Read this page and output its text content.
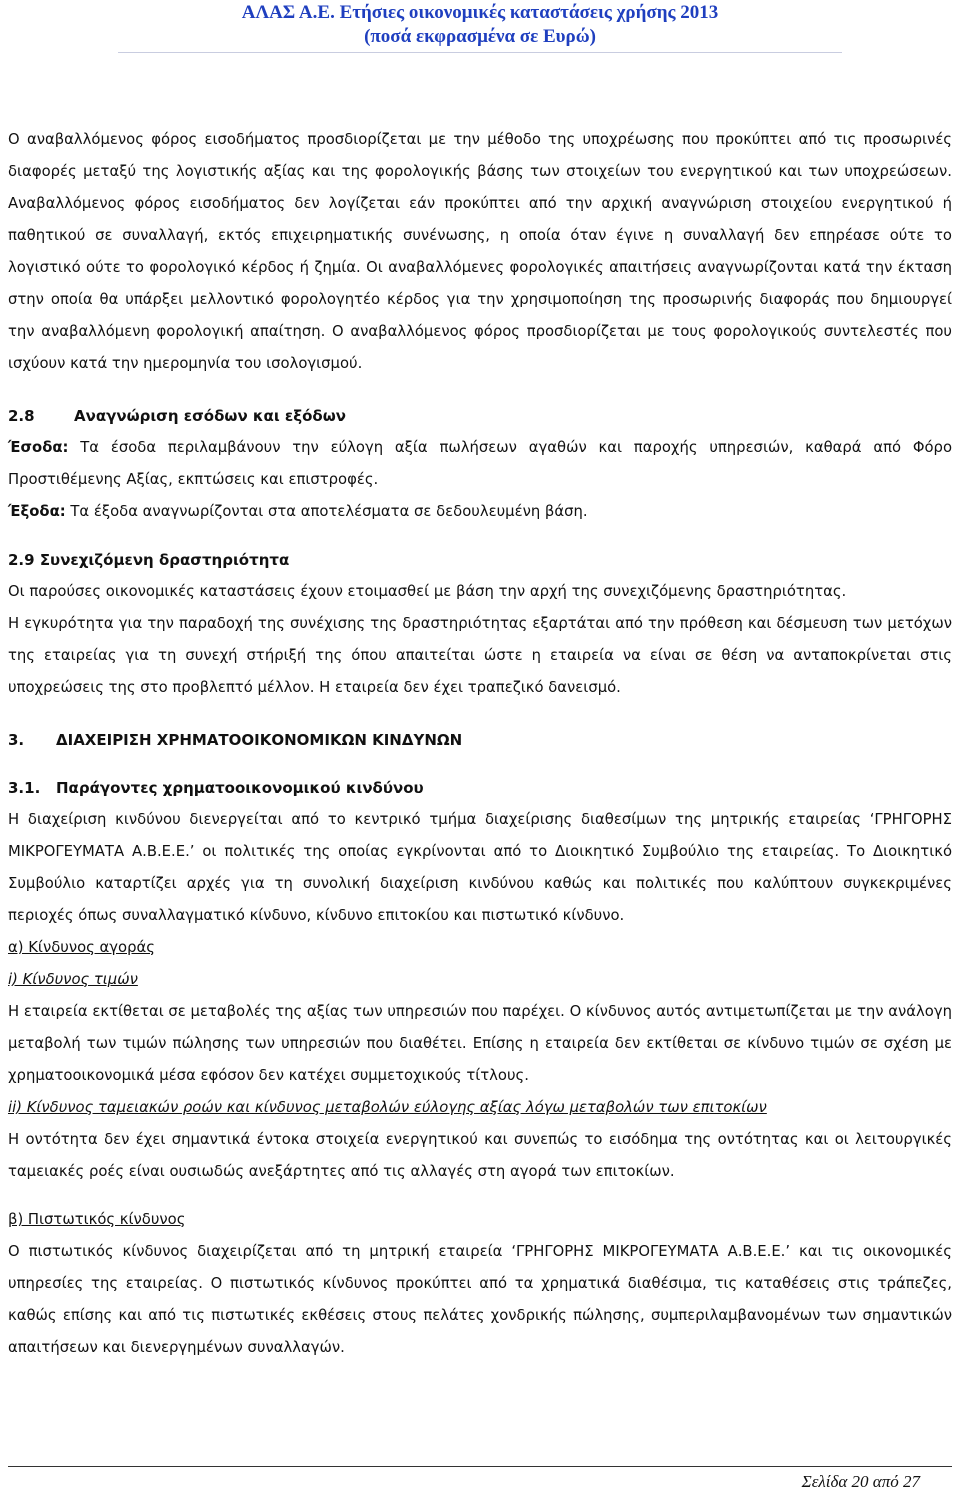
ΑΛΑΣ Α.Ε. Ετήσιες οικονομικές καταστάσεις χρήσης 2013
(ποσά εκφρασμένα σε Ευρώ)

Ο αναβαλλόμενος φόρος εισοδήματος προσδιορίζεται με την μέθοδο της υποχρέωσης που προκύπτει από τις προσωρινές διαφορές μεταξύ της λογιστικής αξίας και της φορολογικής βάσης των στοιχείων του ενεργητικού και των υποχρεώσεων. Αναβαλλόμενος φόρος εισοδήματος δεν λογίζεται εάν προκύπτει από την αρχική αναγνώριση στοιχείου ενεργητικού ή παθητικού σε συναλλαγή, εκτός επιχειρηματικής συνένωσης, η οποία όταν έγινε η συναλλαγή δεν επηρέασε ούτε το λογιστικό ούτε το φορολογικό κέρδος ή ζημία. Οι αναβαλλόμενες φορολογικές απαιτήσεις αναγνωρίζονται κατά την έκταση στην οποία θα υπάρξει μελλοντικό φορολογητέο κέρδος για την χρησιμοποίηση της προσωρινής διαφοράς που δημιουργεί την αναβαλλόμενη φορολογική απαίτηση. Ο αναβαλλόμενος φόρος προσδιορίζεται με τους φορολογικούς συντελεστές που ισχύουν κατά την ημερομηνία του ισολογισμού.

2.8	Αναγνώριση εσόδων και εξόδων

Έσοδα: Τα έσοδα περιλαμβάνουν την εύλογη αξία πωλήσεων αγαθών και παροχής υπηρεσιών, καθαρά από Φόρο Προστιθέμενης Αξίας, εκπτώσεις και επιστροφές.

Έξοδα: Τα έξοδα αναγνωρίζονται στα αποτελέσματα σε δεδουλευμένη βάση.

2.9 Συνεχιζόμενη δραστηριότητα

Οι παρούσες οικονομικές καταστάσεις έχουν ετοιμασθεί με βάση την αρχή της συνεχιζόμενης δραστηριότητας.

Η εγκυρότητα για την παραδοχή της συνέχισης της δραστηριότητας εξαρτάται από την πρόθεση και δέσμευση των μετόχων της εταιρείας για τη συνεχή στήριξή της όπου απαιτείται ώστε η εταιρεία να είναι σε θέση να ανταποκρίνεται στις υποχρεώσεις της στο προβλεπτό μέλλον. Η εταιρεία δεν έχει τραπεζικό δανεισμό.

3. ΔΙΑΧΕΙΡΙΣΗ ΧΡΗΜΑΤΟΟΙΚΟΝΟΜΙΚΩΝ ΚΙΝΔΥΝΩΝ
3.1. Παράγοντες χρηματοοικονομικού κινδύνου

Η διαχείριση κινδύνου διενεργείται από το κεντρικό τμήμα διαχείρισης διαθεσίμων της μητρικής εταιρείας ‘ΓΡΗΓΟΡΗΣ ΜΙΚΡΟΓΕΥΜΑΤΑ Α.Β.Ε.Ε.’ οι πολιτικές της οποίας εγκρίνονται από το Διοικητικό Συμβούλιο της εταιρείας. Το Διοικητικό Συμβούλιο καταρτίζει αρχές για τη συνολική διαχείριση κινδύνου καθώς και πολιτικές που καλύπτουν συγκεκριμένες περιοχές όπως συναλλαγματικό κίνδυνο, κίνδυνο επιτοκίου και πιστωτικό κίνδυνο.

α) Κίνδυνος αγοράς

i) Κίνδυνος τιμών

Η εταιρεία εκτίθεται σε μεταβολές της αξίας των υπηρεσιών που παρέχει. Ο κίνδυνος αυτός αντιμετωπίζεται με την ανάλογη μεταβολή των τιμών πώλησης των υπηρεσιών που διαθέτει. Επίσης η εταιρεία δεν εκτίθεται σε κίνδυνο τιμών σε σχέση με χρηματοοικονομικά μέσα εφόσον δεν κατέχει συμμετοχικούς τίτλους.

ii) Κίνδυνος ταμειακών ροών και κίνδυνος μεταβολών εύλογης αξίας λόγω μεταβολών των επιτοκίων

Η οντότητα δεν έχει σημαντικά έντοκα στοιχεία ενεργητικού και συνεπώς το εισόδημα της οντότητας και οι λειτουργικές ταμειακές ροές είναι ουσιωδώς ανεξάρτητες από τις αλλαγές στη αγορά των επιτοκίων.

β) Πιστωτικός κίνδυνος

Ο πιστωτικός κίνδυνος διαχειρίζεται από τη μητρική εταιρεία ‘ΓΡΗΓΟΡΗΣ ΜΙΚΡΟΓΕΥΜΑΤΑ Α.Β.Ε.Ε.’ και τις οικονομικές υπηρεσίες της εταιρείας. Ο πιστωτικός κίνδυνος προκύπτει από τα χρηματικά διαθέσιμα, τις καταθέσεις στις τράπεζες, καθώς επίσης και από τις πιστωτικές εκθέσεις στους πελάτες χονδρικής πώλησης, συμπεριλαμβανομένων των σημαντικών απαιτήσεων και διενεργημένων συναλλαγών.

Σελίδα 20 από 27
